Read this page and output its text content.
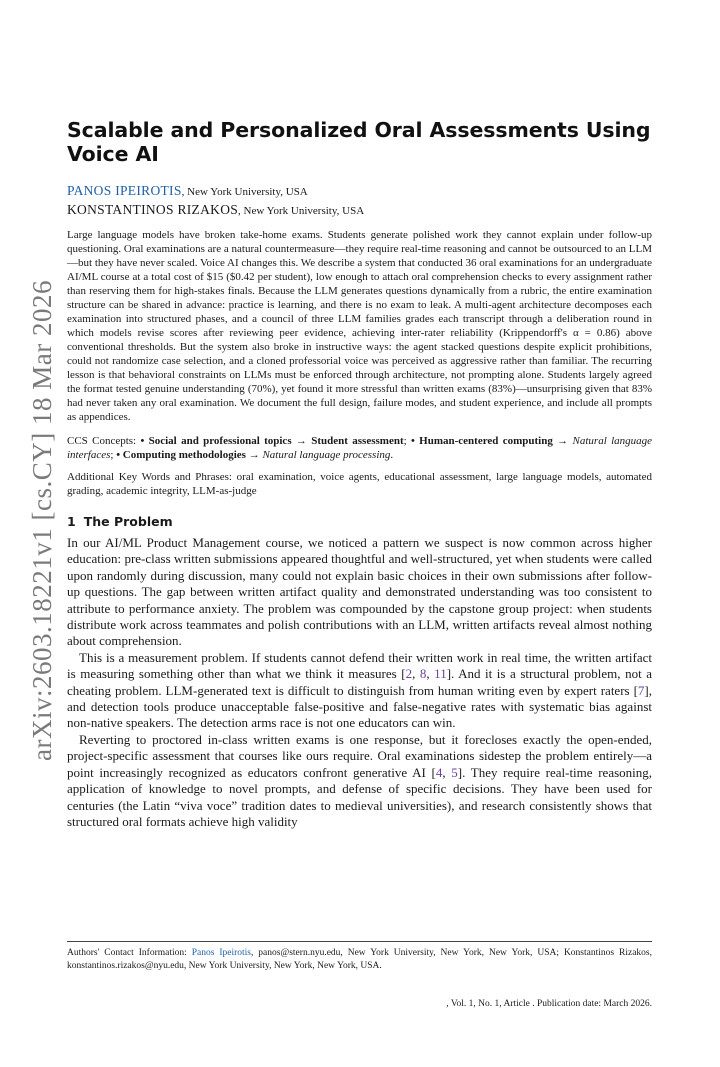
arXiv:2603.18221v1 [cs.CY] 18 Mar 2026
Scalable and Personalized Oral Assessments Using Voice AI
PANOS IPEIROTIS, New York University, USA
KONSTANTINOS RIZAKOS, New York University, USA

Large language models have broken take-home exams. Students generate polished work they cannot explain under follow-up questioning. Oral examinations are a natural countermeasure—they require real-time reasoning and cannot be outsourced to an LLM—but they have never scaled. Voice AI changes this. We describe a system that conducted 36 oral examinations for an undergraduate AI/ML course at a total cost of $15 ($0.42 per student), low enough to attach oral comprehension checks to every assignment rather than reserving them for high-stakes finals. Because the LLM generates questions dynamically from a rubric, the entire examination structure can be shared in advance: practice is learning, and there is no exam to leak. A multi-agent architecture decomposes each examination into structured phases, and a council of three LLM families grades each transcript through a deliberation round in which models revise scores after reviewing peer evidence, achieving inter-rater reliability (Krippendorff's α = 0.86) above conventional thresholds. But the system also broke in instructive ways: the agent stacked questions despite explicit prohibitions, could not randomize case selection, and a cloned professorial voice was perceived as aggressive rather than familiar. The recurring lesson is that behavioral constraints on LLMs must be enforced through architecture, not prompting alone. Students largely agreed the format tested genuine understanding (70%), yet found it more stressful than written exams (83%)—unsurprising given that 83% had never taken any oral examination. We document the full design, failure modes, and student experience, and include all prompts as appendices.

CCS Concepts: • Social and professional topics → Student assessment; • Human-centered computing → Natural language interfaces; • Computing methodologies → Natural language processing.

Additional Key Words and Phrases: oral examination, voice agents, educational assessment, large language models, automated grading, academic integrity, LLM-as-judge

1 The Problem

In our AI/ML Product Management course, we noticed a pattern we suspect is now common across higher education: pre-class written submissions appeared thoughtful and well-structured, yet when students were called upon randomly during discussion, many could not explain basic choices in their own submissions after follow-up questions. The gap between written artifact quality and demonstrated understanding was too consistent to attribute to performance anxiety. The problem was compounded by the capstone group project: when students distribute work across teammates and polish contributions with an LLM, written artifacts reveal almost nothing about comprehension.

This is a measurement problem. If students cannot defend their written work in real time, the written artifact is measuring something other than what we think it measures [2, 8, 11]. And it is a structural problem, not a cheating problem. LLM-generated text is difficult to distinguish from human writing even by expert raters [7], and detection tools produce unacceptable false-positive and false-negative rates with systematic bias against non-native speakers. The detection arms race is not one educators can win.

Reverting to proctored in-class written exams is one response, but it forecloses exactly the open-ended, project-specific assessment that courses like ours require. Oral examinations sidestep the problem entirely—a point increasingly recognized as educators confront generative AI [4, 5]. They require real-time reasoning, application of knowledge to novel prompts, and defense of specific decisions. They have been used for centuries (the Latin “viva voce” tradition dates to medieval universities), and research consistently shows that structured oral formats achieve high validity

Authors' Contact Information: Panos Ipeirotis, panos@stern.nyu.edu, New York University, New York, New York, USA; Konstantinos Rizakos, konstantinos.rizakos@nyu.edu, New York University, New York, New York, USA.
, Vol. 1, No. 1, Article . Publication date: March 2026.
